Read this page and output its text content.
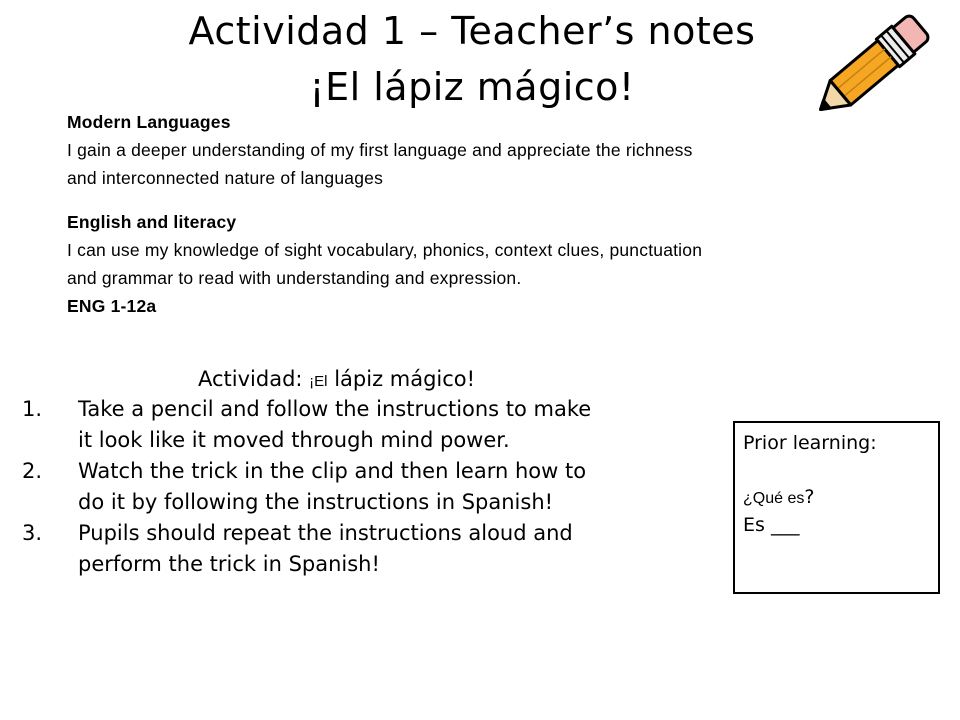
Actividad 1 – Teacher’s notes
¡El lápiz mágico!
Modern Languages
I gain a deeper understanding of my first language and appreciate the richness
and interconnected nature of languages
English and literacy
I can use my knowledge of sight vocabulary, phonics, context clues, punctuation
and grammar to read with understanding and expression.
ENG 1-12a
Actividad: ¡El lápiz mágico!
1.	Take a pencil and follow the instructions to make
it look like it moved through mind power.
2.	Watch the trick in the clip and then learn how to
do it by following the instructions in Spanish!
3.	Pupils should repeat the instructions aloud and
perform the trick in Spanish!
Prior learning:
¿Qué es?
Es ___
